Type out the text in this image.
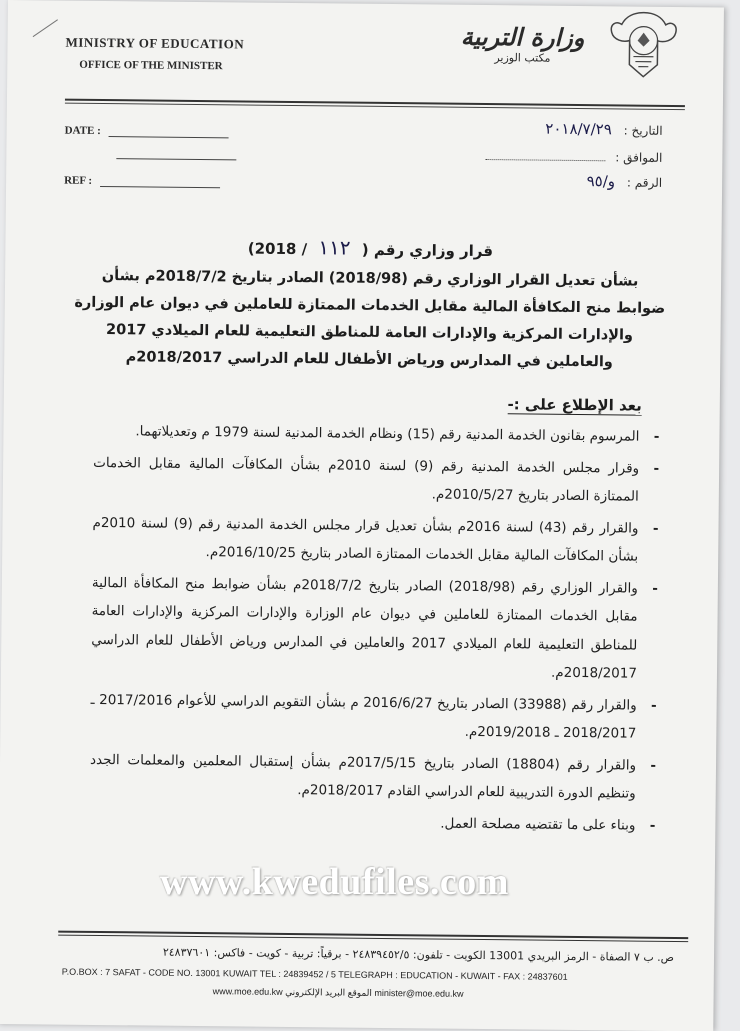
MINISTRY OF EDUCATION
OFFICE OF THE MINISTER
وزارة التربية
مكتب الوزير
DATE :
REF :
التاريخ : ٢٠١٨/٧/٢٩
الموافق :
الرقم : و/٩٥
قرار وزاري رقم ( ١١٢ / 2018)
بشأن تعديل القرار الوزاري رقم (2018/98) الصادر بتاريخ 2018/7/2م بشأن
ضوابط منح المكافأة المالية مقابل الخدمات الممتازة للعاملين في ديوان عام الوزارة
والإدارات المركزية والإدارات العامة للمناطق التعليمية للعام الميلادي 2017
والعاملين في المدارس ورياض الأطفال للعام الدراسي 2018/2017م
بعد الإطلاع على :-
- المرسوم بقانون الخدمة المدنية رقم (15) ونظام الخدمة المدنية لسنة 1979 م وتعديلاتهما.
- وقرار مجلس الخدمة المدنية رقم (9) لسنة 2010م بشأن المكافآت المالية مقابل الخدمات الممتازة الصادر بتاريخ 2010/5/27م.
- والقرار رقم (43) لسنة 2016م بشأن تعديل قرار مجلس الخدمة المدنية رقم (9) لسنة 2010م بشأن المكافآت المالية مقابل الخدمات الممتازة الصادر بتاريخ 2016/10/25م.
- والقرار الوزاري رقم (2018/98) الصادر بتاريخ 2018/7/2م بشأن ضوابط منح المكافأة المالية مقابل الخدمات الممتازة للعاملين في ديوان عام الوزارة والإدارات المركزية والإدارات العامة للمناطق التعليمية للعام الميلادي 2017 والعاملين في المدارس ورياض الأطفال للعام الدراسي 2018/2017م.
- والقرار رقم (33988) الصادر بتاريخ 2016/6/27 م بشأن التقويم الدراسي للأعوام 2017/2016 ـ 2018/2017 ـ 2019/2018م.
- والقرار رقم (18804) الصادر بتاريخ 2017/5/15م بشأن إستقبال المعلمين والمعلمات الجدد وتنظيم الدورة التدريبية للعام الدراسي القادم 2018/2017م.
- وبناء على ما تقتضيه مصلحة العمل.
ص. ب ٧ الصفاة - الرمز البريدي 13001 الكويت - تلفون: ٢٤٨٣٩٤٥٢/٥ - برقياً: تربية - كويت - فاكس: ٢٤٨٣٧٦٠١
P.O.BOX : 7 SAFAT - CODE NO. 13001 KUWAIT TEL : 24839452 / 5 TELEGRAPH : EDUCATION - KUWAIT - FAX : 24837601
www.moe.edu.kw الموقع البريد الإلكتروني minister@moe.edu.kw
www.kwedufiles.com
